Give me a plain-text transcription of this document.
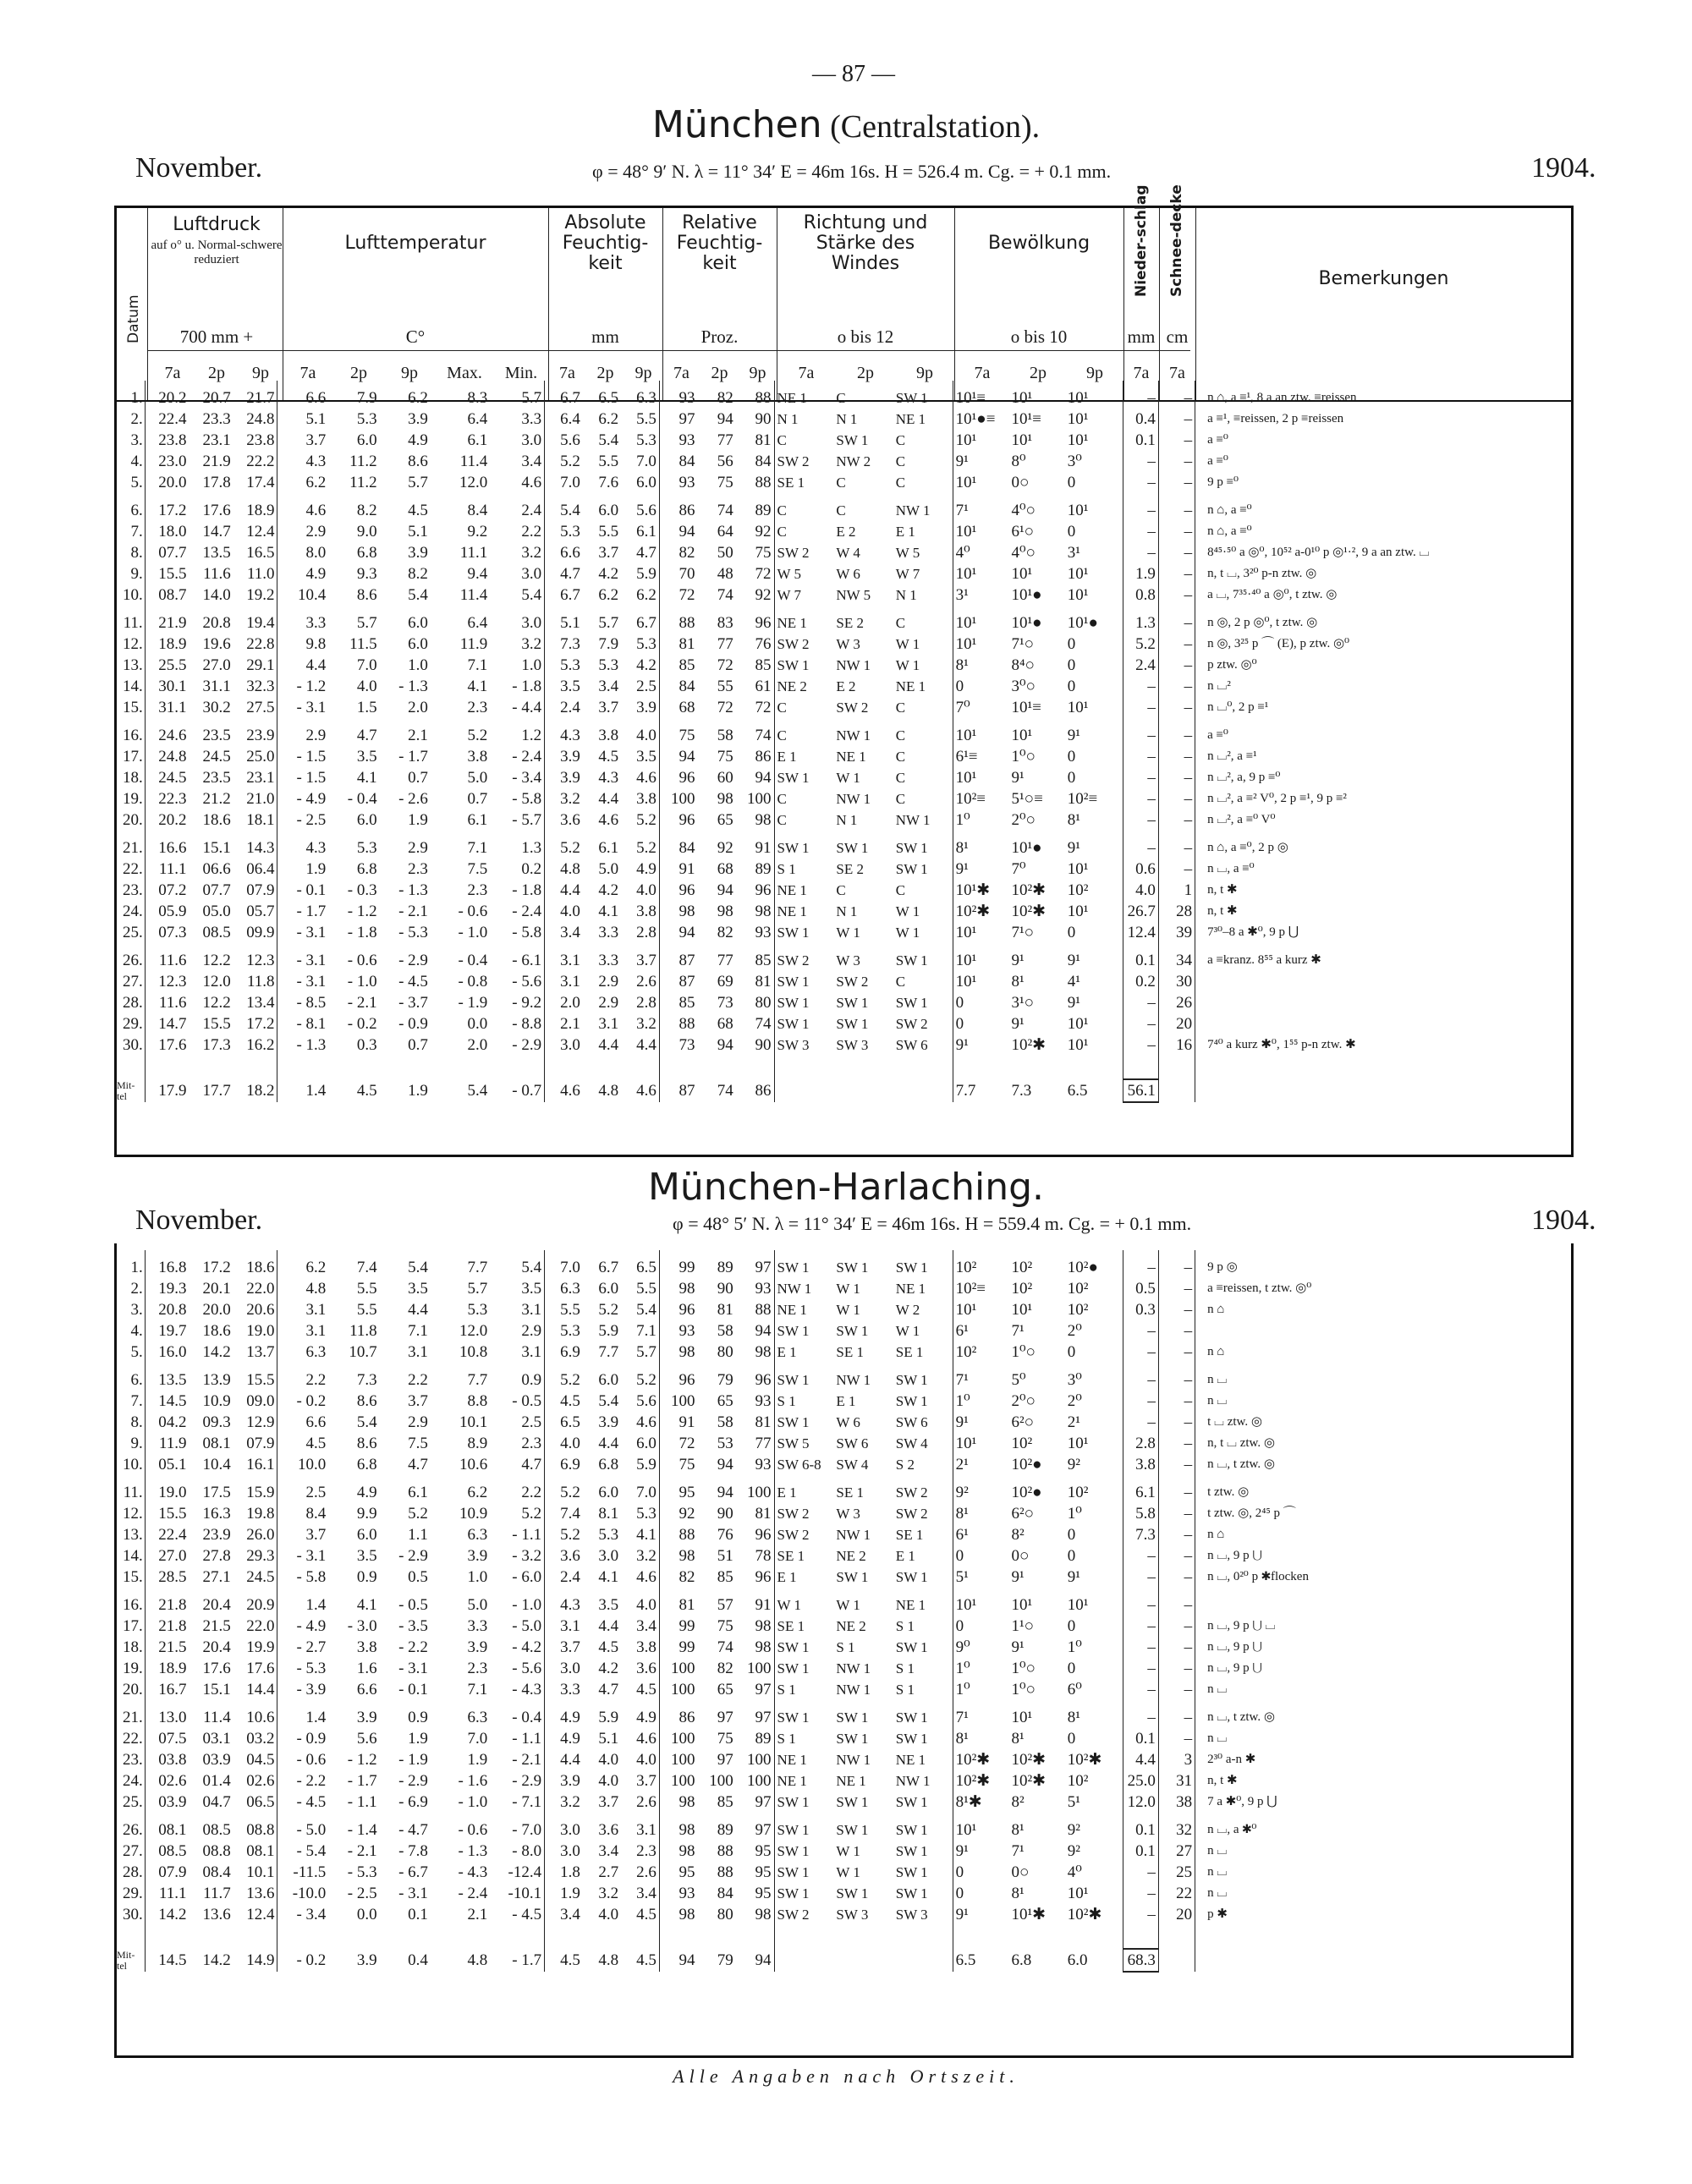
— 87 —
München (Centralstation).
November.	φ = 48° 9′ N. λ = 11° 34′ E = 46m 16s. H = 526.4 m. Cg. = + 0.1 mm.	1904.
Datum
Luftdruck
auf o° u. Normal-schwere reduziert
700 mm +
Lufttemperatur
C°
Absolute Feuchtig-keit
mm
Relative Feuchtig-keit
Proz.
Richtung und Stärke des Windes
o bis 12
Bewölkung
o bis 10
Nieder-schlag
mm
Schnee-decke
cm
Bemerkungen
7a	2p	9p	7a	2p	9p	Max.	Min.	7a	2p	9p	7a	2p	9p	7a	2p	9p	7a	2p	9p	7a	7a
1.	20.2	20.7	21.7	6.6	7.9	6.2	8.3	5.7	6.7	6.5	6.3	93	82	88	NE 1	C	SW 1	10¹≡	10¹	10¹	–	–	n ⌂, a ≡¹, 8 a an ztw. ≡reissen
2.	22.4	23.3	24.8	5.1	5.3	3.9	6.4	3.3	6.4	6.2	5.5	97	94	90	N 1	N 1	NE 1	10¹●≡	10¹≡	10¹	0.4	–	a ≡¹, ≡reissen, 2 p ≡reissen
3.	23.8	23.1	23.8	3.7	6.0	4.9	6.1	3.0	5.6	5.4	5.3	93	77	81	C	SW 1	C	10¹	10¹	10¹	0.1	–	a ≡⁰
4.	23.0	21.9	22.2	4.3	11.2	8.6	11.4	3.4	5.2	5.5	7.0	84	56	84	SW 2	NW 2	C	9¹	8⁰	3⁰	–	–	a ≡⁰
5.	20.0	17.8	17.4	6.2	11.2	5.7	12.0	4.6	7.0	7.6	6.0	93	75	88	SE 1	C	C	10¹	0○	0	–	–	9 p ≡⁰
6.	17.2	17.6	18.9	4.6	8.2	4.5	8.4	2.4	5.4	6.0	5.6	86	74	89	C	C	NW 1	7¹	4⁰○	10¹	–	–	n ⌂, a ≡⁰
7.	18.0	14.7	12.4	2.9	9.0	5.1	9.2	2.2	5.3	5.5	6.1	94	64	92	C	E 2	E 1	10¹	6¹○	0	–	–	n ⌂, a ≡⁰
8.	07.7	13.5	16.5	8.0	6.8	3.9	11.1	3.2	6.6	3.7	4.7	82	50	75	SW 2	W 4	W 5	4⁰	4⁰○	3¹	–	–	8⁴⁵·⁵⁰ a ◎⁰, 10⁵² a-0¹⁰ p ◎¹·², 9 a an ztw. ⌴
9.	15.5	11.6	11.0	4.9	9.3	8.2	9.4	3.0	4.7	4.2	5.9	70	48	72	W 5	W 6	W 7	10¹	10¹	10¹	1.9	–	n, t ⌴, 3²⁰ p-n ztw. ◎
10.	08.7	14.0	19.2	10.4	8.6	5.4	11.4	5.4	6.7	6.2	6.2	72	74	92	W 7	NW 5	N 1	3¹	10¹●	10¹	0.8	–	a ⌴, 7³⁵·⁴⁰ a ◎⁰, t ztw. ◎
11.	21.9	20.8	19.4	3.3	5.7	6.0	6.4	3.0	5.1	5.7	6.7	88	83	96	NE 1	SE 2	C	10¹	10¹●	10¹●	1.3	–	n ◎, 2 p ◎⁰, t ztw. ◎
12.	18.9	19.6	22.8	9.8	11.5	6.0	11.9	3.2	7.3	7.9	5.3	81	77	76	SW 2	W 3	W 1	10¹	7¹○	0	5.2	–	n ◎, 3²⁵ p ⌒ (E), p ztw. ◎⁰
13.	25.5	27.0	29.1	4.4	7.0	1.0	7.1	1.0	5.3	5.3	4.2	85	72	85	SW 1	NW 1	W 1	8¹	8⁴○	0	2.4	–	p ztw. ◎⁰
14.	30.1	31.1	32.3	- 1.2	4.0	- 1.3	4.1	- 1.8	3.5	3.4	2.5	84	55	61	NE 2	E 2	NE 1	0	3⁰○	0	–	–	n ⌴²
15.	31.1	30.2	27.5	- 3.1	1.5	2.0	2.3	- 4.4	2.4	3.7	3.9	68	72	72	C	SW 2	C	7⁰	10¹≡	10¹	–	–	n ⌴⁰, 2 p ≡¹
16.	24.6	23.5	23.9	2.9	4.7	2.1	5.2	1.2	4.3	3.8	4.0	75	58	74	C	NW 1	C	10¹	10¹	9¹	–	–	a ≡⁰
17.	24.8	24.5	25.0	- 1.5	3.5	- 1.7	3.8	- 2.4	3.9	4.5	3.5	94	75	86	E 1	NE 1	C	6¹≡	1⁰○	0	–	–	n ⌴², a ≡¹
18.	24.5	23.5	23.1	- 1.5	4.1	0.7	5.0	- 3.4	3.9	4.3	4.6	96	60	94	SW 1	W 1	C	10¹	9¹	0	–	–	n ⌴², a, 9 p ≡⁰
19.	22.3	21.2	21.0	- 4.9	- 0.4	- 2.6	0.7	- 5.8	3.2	4.4	3.8	100	98	100	C	NW 1	C	10²≡	5¹○≡	10²≡	–	–	n ⌴², a ≡² V⁰, 2 p ≡¹, 9 p ≡²
20.	20.2	18.6	18.1	- 2.5	6.0	1.9	6.1	- 5.7	3.6	4.6	5.2	96	65	98	C	N 1	NW 1	1⁰	2⁰○	8¹	–	–	n ⌴², a ≡⁰ V⁰
21.	16.6	15.1	14.3	4.3	5.3	2.9	7.1	1.3	5.2	6.1	5.2	84	92	91	SW 1	SW 1	SW 1	8¹	10¹●	9¹	–	–	n ⌂, a ≡⁰, 2 p ◎
22.	11.1	06.6	06.4	1.9	6.8	2.3	7.5	0.2	4.8	5.0	4.9	91	68	89	S 1	SE 2	SW 1	9¹	7⁰	10¹	0.6	–	n ⌴, a ≡⁰
23.	07.2	07.7	07.9	- 0.1	- 0.3	- 1.3	2.3	- 1.8	4.4	4.2	4.0	96	94	96	NE 1	C	C	10¹✱	10²✱	10²	4.0	1	n, t ✱
24.	05.9	05.0	05.7	- 1.7	- 1.2	- 2.1	- 0.6	- 2.4	4.0	4.1	3.8	98	98	98	NE 1	N 1	W 1	10²✱	10²✱	10¹	26.7	28	n, t ✱
25.	07.3	08.5	09.9	- 3.1	- 1.8	- 5.3	- 1.0	- 5.8	3.4	3.3	2.8	94	82	93	SW 1	W 1	W 1	10¹	7¹○	0	12.4	39	7³⁰–8 a ✱⁰, 9 p ⋃
26.	11.6	12.2	12.3	- 3.1	- 0.6	- 2.9	- 0.4	- 6.1	3.1	3.3	3.7	87	77	85	SW 2	W 3	SW 1	10¹	9¹	9¹	0.1	34	a ≡kranz. 8⁵⁵ a kurz ✱
27.	12.3	12.0	11.8	- 3.1	- 1.0	- 4.5	- 0.8	- 5.6	3.1	2.9	2.6	87	69	81	SW 1	SW 2	C	10¹	8¹	4¹	0.2	30	
28.	11.6	12.2	13.4	- 8.5	- 2.1	- 3.7	- 1.9	- 9.2	2.0	2.9	2.8	85	73	80	SW 1	SW 1	SW 1	0	3¹○	9¹	–	26	
29.	14.7	15.5	17.2	- 8.1	- 0.2	- 0.9	0.0	- 8.8	2.1	3.1	3.2	88	68	74	SW 1	SW 1	SW 2	0	9¹	10¹	–	20	
30.	17.6	17.3	16.2	- 1.3	0.3	0.7	2.0	- 2.9	3.0	4.4	4.4	73	94	90	SW 3	SW 3	SW 6	9¹	10²✱	10¹	–	16	7⁴⁰ a kurz ✱⁰, 1⁵⁵ p-n ztw. ✱

Mit-tel	17.9	17.7	18.2	1.4	4.5	1.9	5.4	- 0.7	4.6	4.8	4.6	87	74	86				7.7	7.3	6.5	56.1		
München-Harlaching.
November.	φ = 48° 5′ N. λ = 11° 34′ E = 46m 16s. H = 559.4 m. Cg. = + 0.1 mm.	1904.
1.	16.8	17.2	18.6	6.2	7.4	5.4	7.7	5.4	7.0	6.7	6.5	99	89	97	SW 1	SW 1	SW 1	10²	10²	10²●	–	–	9 p ◎
2.	19.3	20.1	22.0	4.8	5.5	3.5	5.7	3.5	6.3	6.0	5.5	98	90	93	NW 1	W 1	NE 1	10²≡	10²	10²	0.5	–	a ≡reissen, t ztw. ◎⁰
3.	20.8	20.0	20.6	3.1	5.5	4.4	5.3	3.1	5.5	5.2	5.4	96	81	88	NE 1	W 1	W 2	10¹	10¹	10²	0.3	–	n ⌂
4.	19.7	18.6	19.0	3.1	11.8	7.1	12.0	2.9	5.3	5.9	7.1	93	58	94	SW 1	SW 1	W 1	6¹	7¹	2⁰	–	–	
5.	16.0	14.2	13.7	6.3	10.7	3.1	10.8	3.1	6.9	7.7	5.7	98	80	98	E 1	SE 1	SE 1	10²	1⁰○	0	–	–	n ⌂
6.	13.5	13.9	15.5	2.2	7.3	2.2	7.7	0.9	5.2	6.0	5.2	96	79	96	SW 1	NW 1	SW 1	7¹	5⁰	3⁰	–	–	n ⌴
7.	14.5	10.9	09.0	- 0.2	8.6	3.7	8.8	- 0.5	4.5	5.4	5.6	100	65	93	S 1	E 1	SW 1	1⁰	2⁰○	2⁰	–	–	n ⌴
8.	04.2	09.3	12.9	6.6	5.4	2.9	10.1	2.5	6.5	3.9	4.6	91	58	81	SW 1	W 6	SW 6	9¹	6²○	2¹	–	–	t ⌴ ztw. ◎
9.	11.9	08.1	07.9	4.5	8.6	7.5	8.9	2.3	4.0	4.4	6.0	72	53	77	SW 5	SW 6	SW 4	10¹	10²	10¹	2.8	–	n, t ⌴ ztw. ◎
10.	05.1	10.4	16.1	10.0	6.8	4.7	10.6	4.7	6.9	6.8	5.9	75	94	93	SW 6-8	SW 4	S 2	2¹	10²●	9²	3.8	–	n ⌴, t ztw. ◎
11.	19.0	17.5	15.9	2.5	4.9	6.1	6.2	2.2	5.2	6.0	7.0	95	94	100	E 1	SE 1	SW 2	9²	10²●	10²	6.1	–	t ztw. ◎
12.	15.5	16.3	19.8	8.4	9.9	5.2	10.9	5.2	7.4	8.1	5.3	92	90	81	SW 2	W 3	SW 2	8¹	6²○	1⁰	5.8	–	t ztw. ◎, 2⁴⁵ p ⌒
13.	22.4	23.9	26.0	3.7	6.0	1.1	6.3	- 1.1	5.2	5.3	4.1	88	76	96	SW 2	NW 1	SE 1	6¹	8²	0	7.3	–	n ⌂
14.	27.0	27.8	29.3	- 3.1	3.5	- 2.9	3.9	- 3.2	3.6	3.0	3.2	98	51	78	SE 1	NE 2	E 1	0	0○	0	–	–	n ⌴, 9 p ⋃
15.	28.5	27.1	24.5	- 5.8	0.9	0.5	1.0	- 6.0	2.4	4.1	4.6	82	85	96	E 1	SW 1	SW 1	5¹	9¹	9¹	–	–	n ⌴, 0²⁰ p ✱flocken
16.	21.8	20.4	20.9	1.4	4.1	- 0.5	5.0	- 1.0	4.3	3.5	4.0	81	57	91	W 1	W 1	NE 1	10¹	10¹	10¹	–	–	
17.	21.8	21.5	22.0	- 4.9	- 3.0	- 3.5	3.3	- 5.0	3.1	4.4	3.4	99	75	98	SE 1	NE 2	S 1	0	1¹○	0	–	–	n ⌴, 9 p ⋃ ⌴
18.	21.5	20.4	19.9	- 2.7	3.8	- 2.2	3.9	- 4.2	3.7	4.5	3.8	99	74	98	SW 1	S 1	SW 1	9⁰	9¹	1⁰	–	–	n ⌴, 9 p ⋃
19.	18.9	17.6	17.6	- 5.3	1.6	- 3.1	2.3	- 5.6	3.0	4.2	3.6	100	82	100	SW 1	NW 1	S 1	1⁰	1⁰○	0	–	–	n ⌴, 9 p ⋃
20.	16.7	15.1	14.4	- 3.9	6.6	- 0.1	7.1	- 4.3	3.3	4.7	4.5	100	65	97	S 1	NW 1	S 1	1⁰	1⁰○	6⁰	–	–	n ⌴
21.	13.0	11.4	10.6	1.4	3.9	0.9	6.3	- 0.4	4.9	5.9	4.9	86	97	97	SW 1	SW 1	SW 1	7¹	10¹	8¹	–	–	n ⌴, t ztw. ◎
22.	07.5	03.1	03.2	- 0.9	5.6	1.9	7.0	- 1.1	4.9	5.1	4.6	100	75	89	S 1	SW 1	SW 1	8¹	8¹	0	0.1	–	n ⌴
23.	03.8	03.9	04.5	- 0.6	- 1.2	- 1.9	1.9	- 2.1	4.4	4.0	4.0	100	97	100	NE 1	NW 1	NE 1	10²✱	10²✱	10²✱	4.4	3	2³⁰ a-n ✱
24.	02.6	01.4	02.6	- 2.2	- 1.7	- 2.9	- 1.6	- 2.9	3.9	4.0	3.7	100	100	100	NE 1	NE 1	NW 1	10²✱	10²✱	10²	25.0	31	n, t ✱
25.	03.9	04.7	06.5	- 4.5	- 1.1	- 6.9	- 1.0	- 7.1	3.2	3.7	2.6	98	85	97	SW 1	SW 1	SW 1	8¹✱	8²	5¹	12.0	38	7 a ✱⁰, 9 p ⋃
26.	08.1	08.5	08.8	- 5.0	- 1.4	- 4.7	- 0.6	- 7.0	3.0	3.6	3.1	98	89	97	SW 1	SW 1	SW 1	10¹	8¹	9²	0.1	32	n ⌴, a ✱⁰
27.	08.5	08.8	08.1	- 5.4	- 2.1	- 7.8	- 1.3	- 8.0	3.0	3.4	2.3	98	88	95	SW 1	W 1	SW 1	9¹	7¹	9²	0.1	27	n ⌴
28.	07.9	08.4	10.1	-11.5	- 5.3	- 6.7	- 4.3	-12.4	1.8	2.7	2.6	95	88	95	SW 1	W 1	SW 1	0	0○	4⁰	–	25	n ⌴
29.	11.1	11.7	13.6	-10.0	- 2.5	- 3.1	- 2.4	-10.1	1.9	3.2	3.4	93	84	95	SW 1	SW 1	SW 1	0	8¹	10¹	–	22	n ⌴
30.	14.2	13.6	12.4	- 3.4	0.0	0.1	2.1	- 4.5	3.4	4.0	4.5	98	80	98	SW 2	SW 3	SW 3	9¹	10¹✱	10²✱	–	20	p ✱

Mit-tel	14.5	14.2	14.9	- 0.2	3.9	0.4	4.8	- 1.7	4.5	4.8	4.5	94	79	94				6.5	6.8	6.0	68.3		
Alle Angaben nach Ortszeit.
